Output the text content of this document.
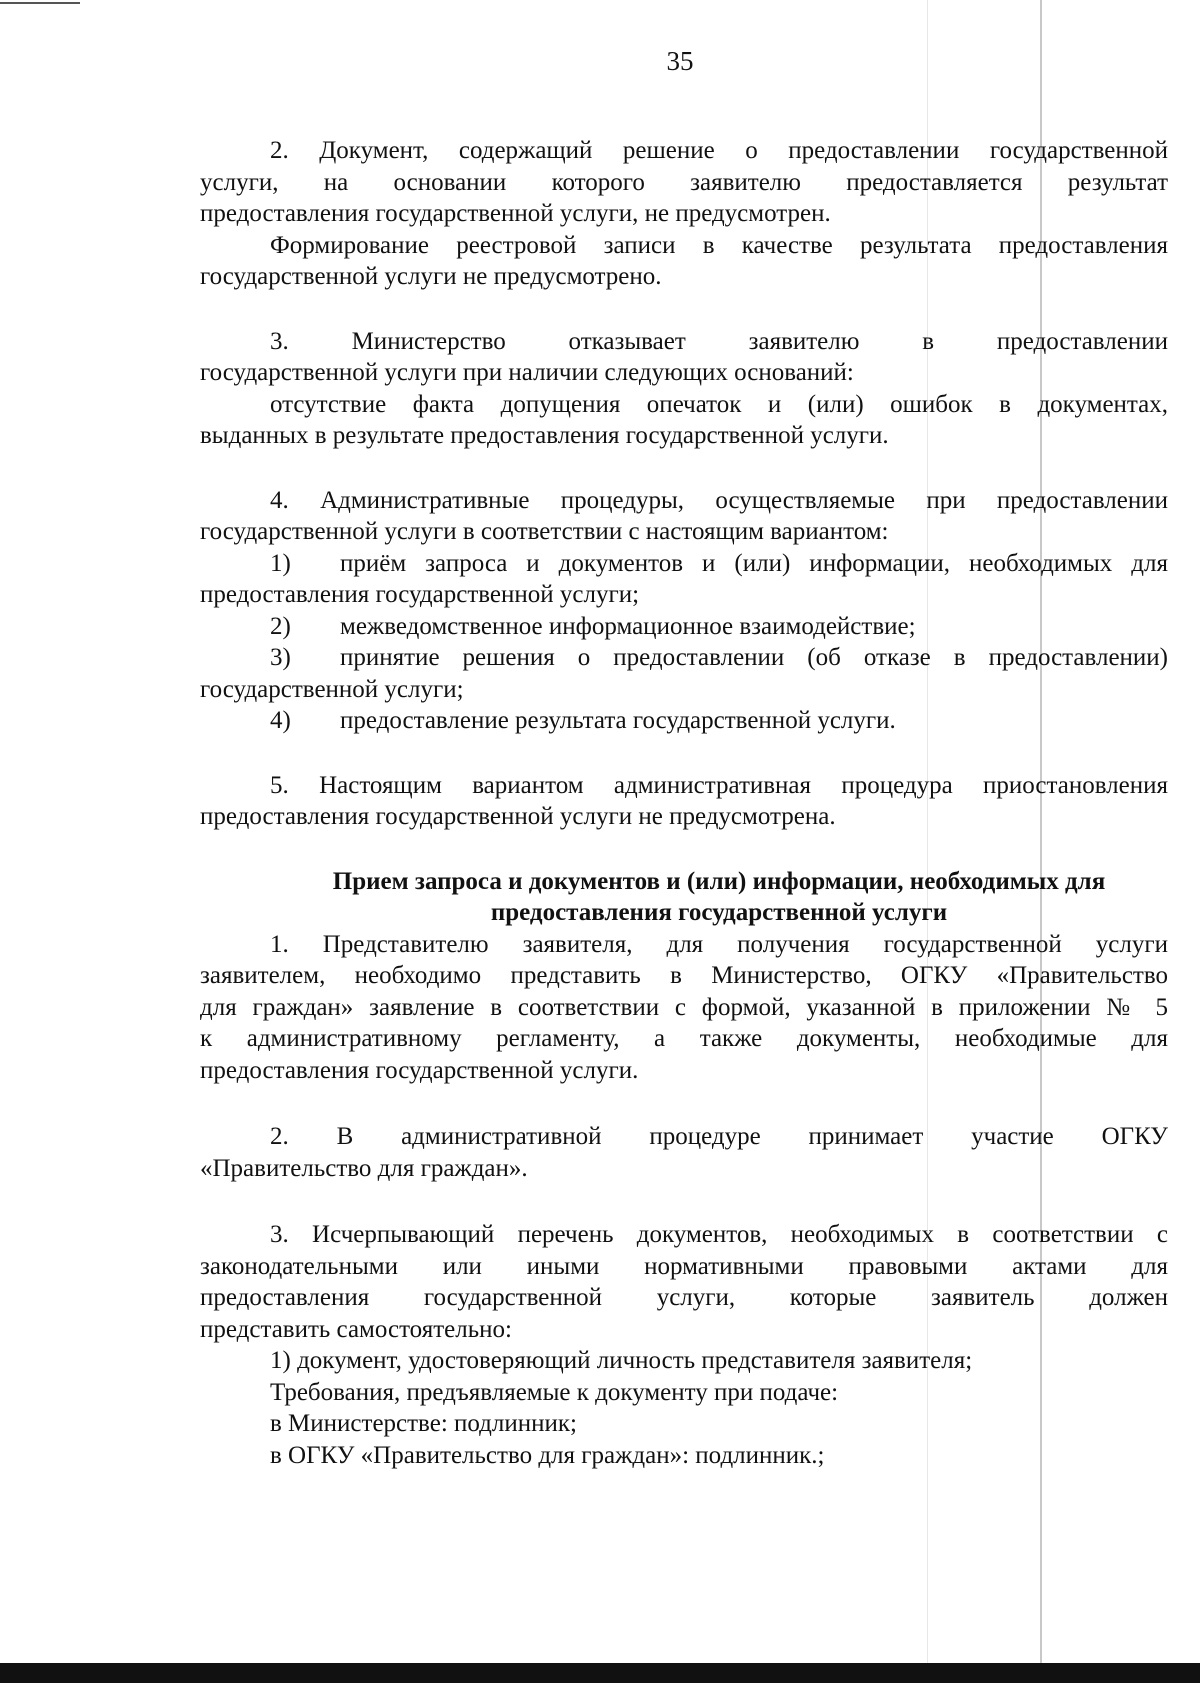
35

2. Документ, содержащий решение о предоставлении государственной

услуги, на основании которого заявителю предоставляется результат

предоставления государственной услуги, не предусмотрен.

Формирование реестровой записи в качестве результата предоставления

государственной услуги не предусмотрено.

3. Министерство отказывает заявителю в предоставлении

государственной услуги при наличии следующих оснований:

отсутствие факта допущения опечаток и (или) ошибок в документах,

выданных в результате предоставления государственной услуги.

4. Административные процедуры, осуществляемые при предоставлении

государственной услуги в соответствии с настоящим вариантом:

1)	приём запроса и документов и (или) информации, необходимых для

предоставления государственной услуги;

2)	межведомственное информационное взаимодействие;
3)	принятие решения о предоставлении (об отказе в предоставлении)

государственной услуги;

4)	предоставление результата государственной услуги.

5. Настоящим вариантом административная процедура приостановления

предоставления государственной услуги не предусмотрена.

Прием запроса и документов и (или) информации, необходимых для

предоставления государственной услуги

1. Представителю заявителя, для получения государственной услуги

заявителем, необходимо представить в Министерство, ОГКУ «Правительство

для граждан» заявление в соответствии с формой, указанной в приложении № 5

к административному регламенту, а также документы, необходимые для

предоставления государственной услуги.

2. В административной процедуре принимает участие ОГКУ

«Правительство для граждан».

3. Исчерпывающий перечень документов, необходимых в соответствии с

законодательными или иными нормативными правовыми актами для

предоставления государственной услуги, которые заявитель должен

представить самостоятельно:

1) документ, удостоверяющий личность представителя заявителя;

Требования, предъявляемые к документу при подаче:

в Министерстве: подлинник;

в ОГКУ «Правительство для граждан»: подлинник.;
